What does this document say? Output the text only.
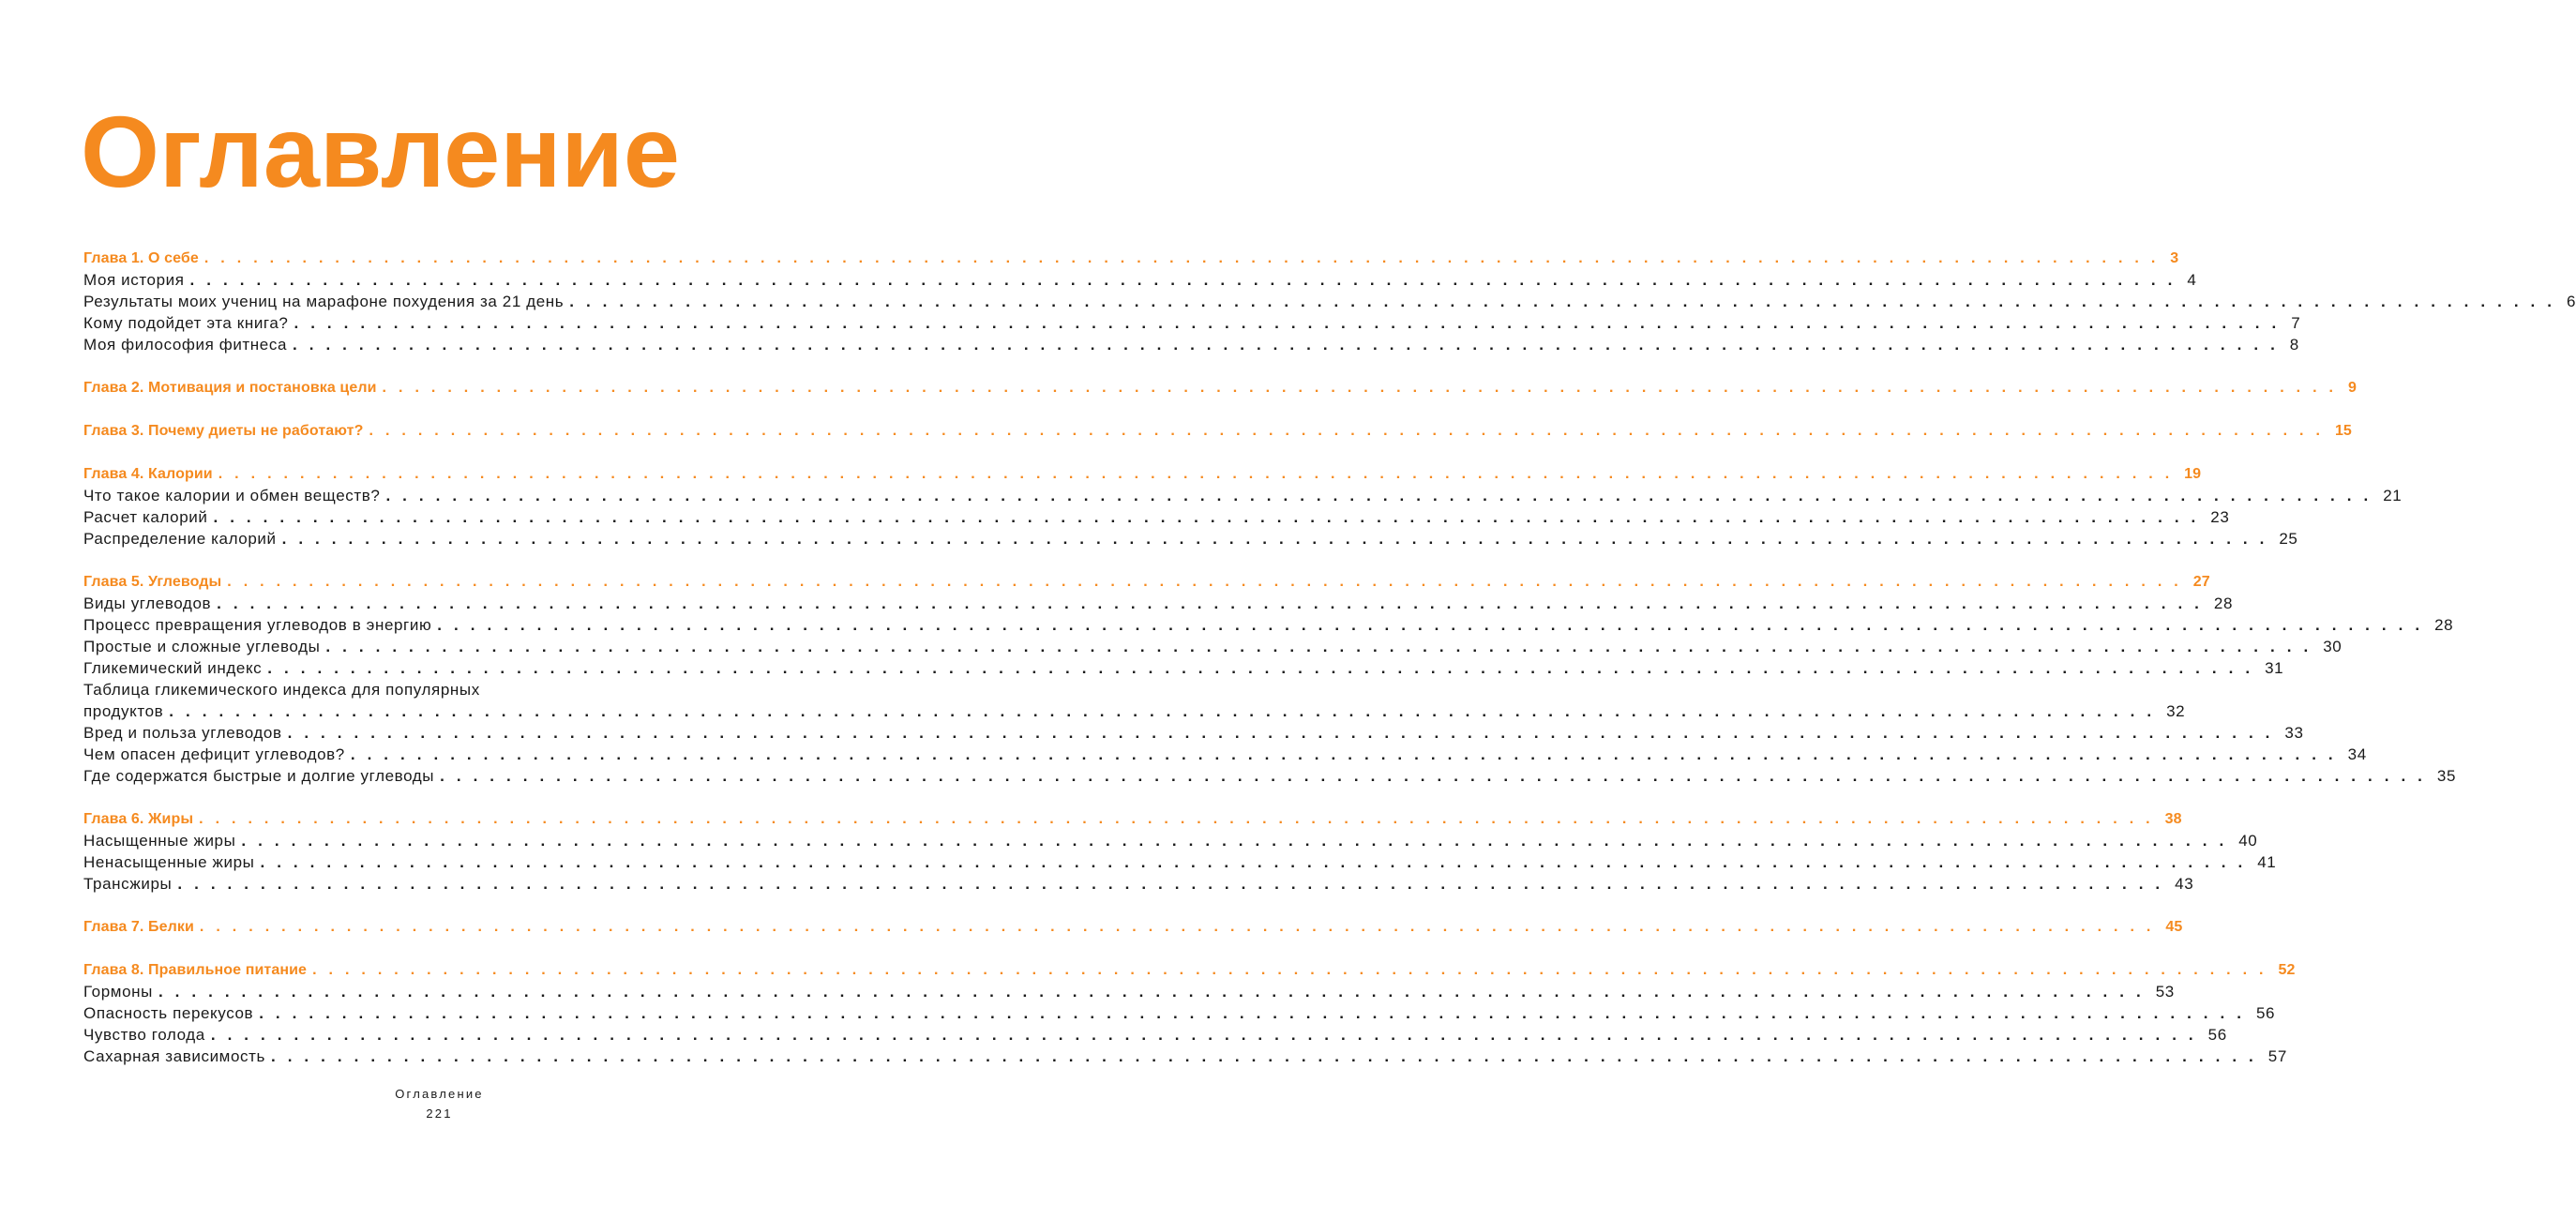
Оглавление
Глава 1. О себе ........................................................................................................................ 3
Моя история ........................................................................................................................ 4
Результаты моих учениц на марафоне похудения за 21 день ........................................................................................................................ 6
Кому подойдет эта книга? ........................................................................................................................ 7
Моя философия фитнеса ........................................................................................................................ 8
Глава 2. Мотивация и постановка цели ........................................................................................................................ 9
Глава 3. Почему диеты не работают? ........................................................................................................................ 15
Глава 4. Калории ........................................................................................................................ 19
Что такое калории и обмен веществ? ........................................................................................................................ 21
Расчет калорий ........................................................................................................................ 23
Распределение калорий ........................................................................................................................ 25
Глава 5. Углеводы ........................................................................................................................ 27
Виды углеводов ........................................................................................................................ 28
Процесс превращения углеводов в энергию ........................................................................................................................ 28
Простые и сложные углеводы ........................................................................................................................ 30
Гликемический индекс ........................................................................................................................ 31
Таблица гликемического индекса для популярных
продуктов ........................................................................................................................ 32
Вред и польза углеводов ........................................................................................................................ 33
Чем опасен дефицит углеводов? ........................................................................................................................ 34
Где содержатся быстрые и долгие углеводы ........................................................................................................................ 35
Глава 6. Жиры ........................................................................................................................ 38
Насыщенные жиры ........................................................................................................................ 40
Ненасыщенные жиры ........................................................................................................................ 41
Трансжиры ........................................................................................................................ 43
Глава 7. Белки ........................................................................................................................ 45
Глава 8. Правильное питание ........................................................................................................................ 52
Гормоны ........................................................................................................................ 53
Опасность перекусов ........................................................................................................................ 56
Чувство голода ........................................................................................................................ 56
Сахарная зависимость ........................................................................................................................ 57
Оглавление
221
